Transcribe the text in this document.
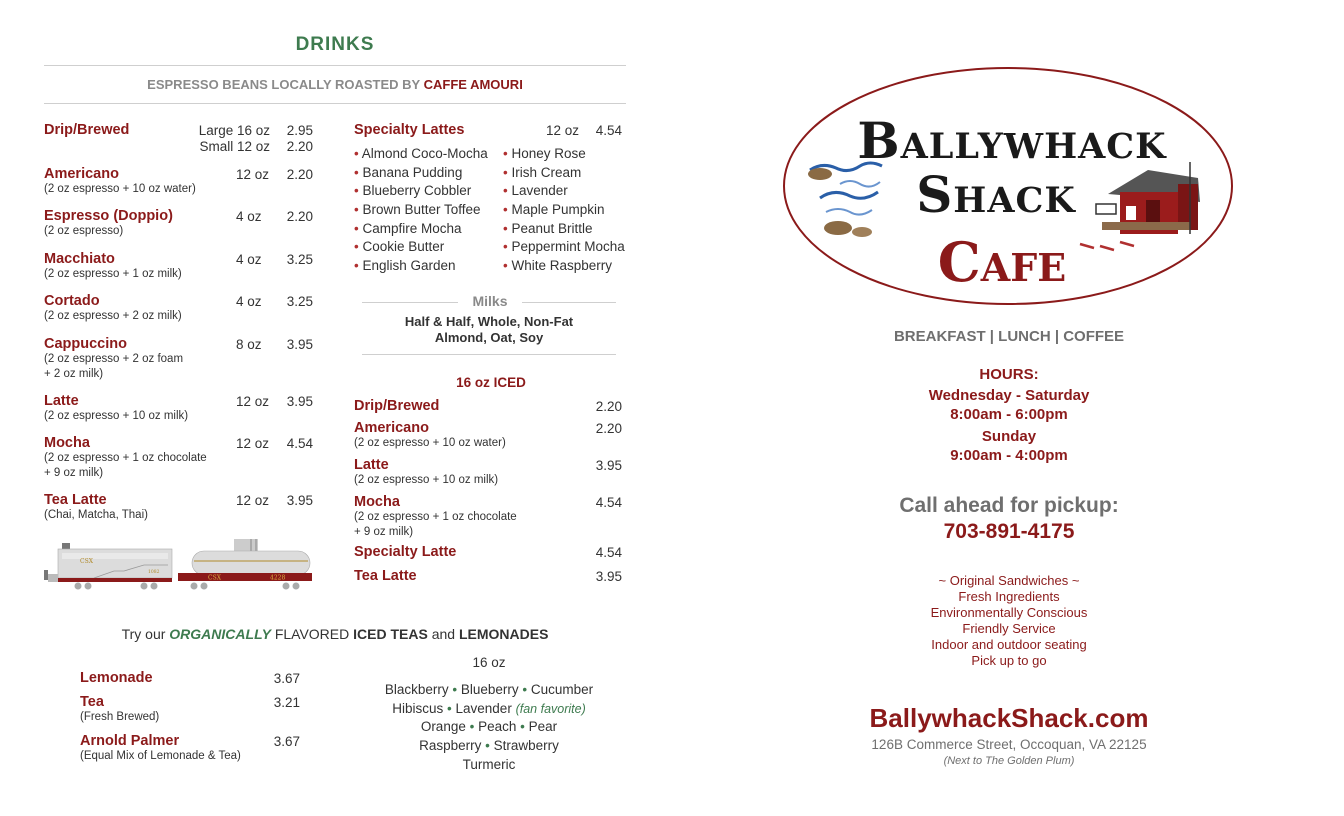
DRINKS
ESPRESSO BEANS LOCALLY ROASTED BY CAFFE AMOURI
Drip/Brewed	Large 16 oz 2.95
Small 12 oz 2.20
Americano
(2 oz espresso + 10 oz water)
12 oz 2.20
Espresso (Doppio)
(2 oz espresso)
4 oz 2.20
Macchiato
(2 oz espresso + 1 oz milk)
4 oz 3.25
Cortado
(2 oz espresso + 2 oz milk)
4 oz 3.25
Cappuccino
(2 oz espresso + 2 oz foam
+ 2 oz milk)
8 oz 3.95
Latte
(2 oz espresso + 10 oz milk)
12 oz 3.95
Mocha
(2 oz espresso + 1 oz chocolate
+ 9 oz milk)
12 oz 4.54
Tea Latte
(Chai, Matcha, Thai)
12 oz 3.95
CSX
1082
CSX	4228
Specialty Lattes	12 oz 4.54
• Almond Coco-Mocha
• Banana Pudding
• Blueberry Cobbler
• Brown Butter Toffee
• Campfire Mocha
• Cookie Butter
• English Garden
• Honey Rose
• Irish Cream
• Lavender
• Maple Pumpkin
• Peanut Brittle
• Peppermint Mocha
• White Raspberry
Milks
Half & Half, Whole, Non-Fat
Almond, Oat, Soy
16 oz ICED
Drip/Brewed	2.20
Americano
(2 oz espresso + 10 oz water)
2.20
Latte
(2 oz espresso + 10 oz milk)
3.95
Mocha
(2 oz espresso + 1 oz chocolate
+ 9 oz milk)
4.54
Specialty Latte	4.54
Tea Latte	3.95
Try our ORGANICALLY FLAVORED ICED TEAS and LEMONADES
Lemonade	3.67
Tea
(Fresh Brewed)
3.21
Arnold Palmer
(Equal Mix of Lemonade & Tea)
3.67
16 oz
Blackberry • Blueberry • Cucumber
Hibiscus • Lavender (fan favorite)
Orange • Peach • Pear
Raspberry • Strawberry
Turmeric
Ballywhack
Shack
Cafe
BREAKFAST | LUNCH | COFFEE
HOURS:
Wednesday - Saturday
8:00am - 6:00pm
Sunday
9:00am - 4:00pm
Call ahead for pickup:
703-891-4175
~ Original Sandwiches ~
Fresh Ingredients
Environmentally Conscious
Friendly Service
Indoor and outdoor seating
Pick up to go
BallywhackShack.com
126B Commerce Street, Occoquan, VA 22125
(Next to The Golden Plum)
